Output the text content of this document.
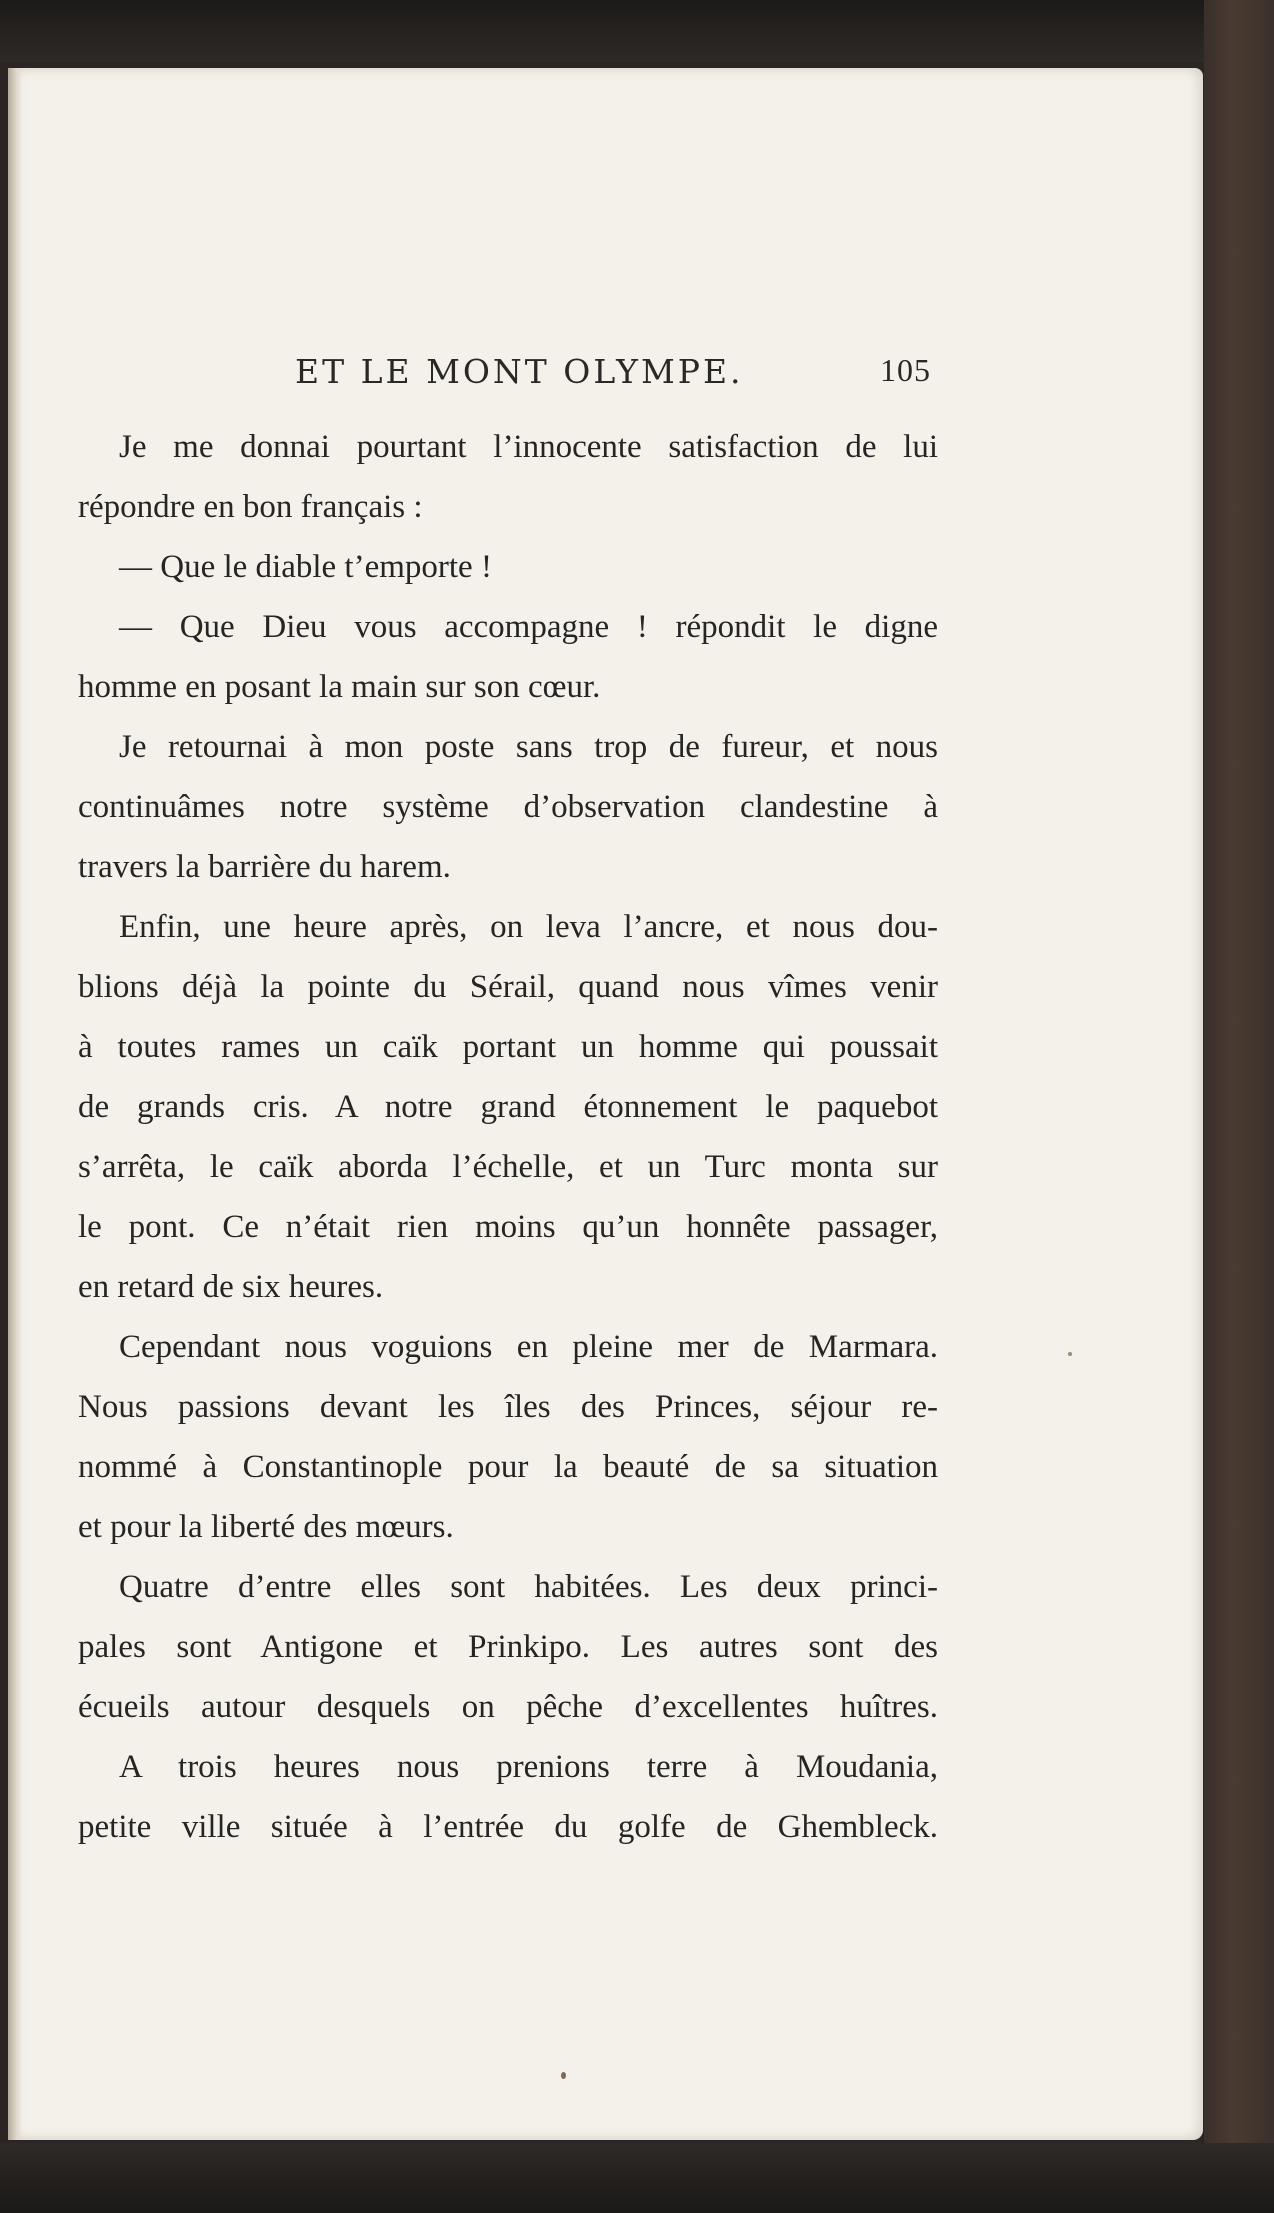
ET LE MONT OLYMPE.	105
Je me donnai pourtant l’innocente satisfaction de lui
répondre en bon français :
— Que le diable t’emporte !
— Que Dieu vous accompagne ! répondit le digne
homme en posant la main sur son cœur.
Je retournai à mon poste sans trop de fureur, et nous
continuâmes notre système d’observation clandestine à
travers la barrière du harem.
Enfin, une heure après, on leva l’ancre, et nous dou-
blions déjà la pointe du Sérail, quand nous vîmes venir
à toutes rames un caïk portant un homme qui poussait
de grands cris. A notre grand étonnement le paquebot
s’arrêta, le caïk aborda l’échelle, et un Turc monta sur
le pont. Ce n’était rien moins qu’un honnête passager,
en retard de six heures.
Cependant nous voguions en pleine mer de Marmara.
Nous passions devant les îles des Princes, séjour re-
nommé à Constantinople pour la beauté de sa situation
et pour la liberté des mœurs.
Quatre d’entre elles sont habitées. Les deux princi-
pales sont Antigone et Prinkipo. Les autres sont des
écueils autour desquels on pêche d’excellentes huîtres.
A trois heures nous prenions terre à Moudania,
petite ville située à l’entrée du golfe de Ghembleck.
